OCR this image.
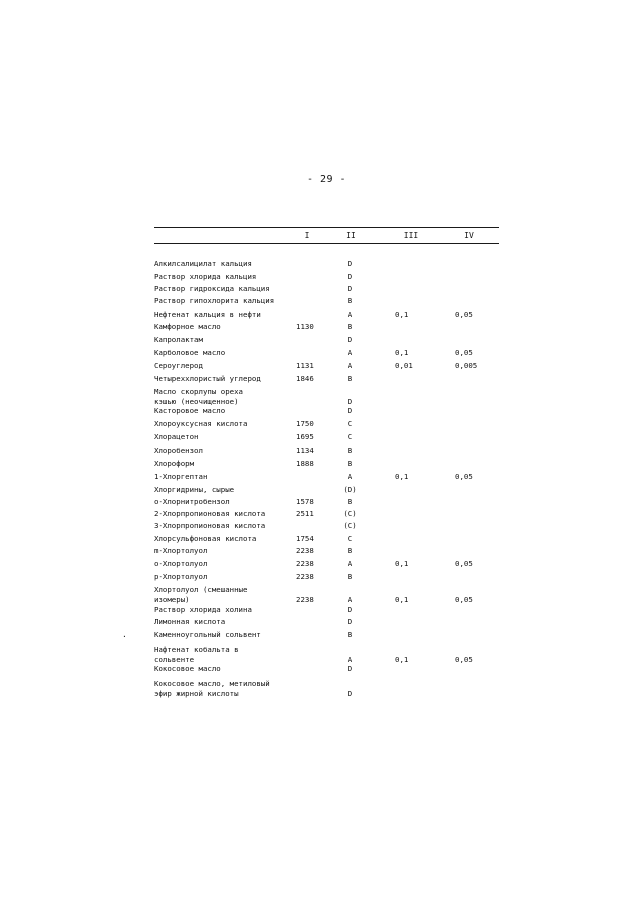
- 29 -
I	II	III	IV
Алкилсалицилат кальция	D
Раствор хлорида кальция	D
Раствор гидроксида кальция	D
Раствор гипохлорита кальция	B
Нефтенат кальция в нефти	A	0,1	0,05
Камфорное масло	1130	B
Капролактам	D
Карболовое масло	A	0,1	0,05
Сероуглерод	1131	A	0,01	0,005
Четыреххлористый углерод	1846	B
Масло скорлупы ореха
кэшью (неочищенное)	D
Касторовое масло	D
Хлороуксусная кислота	1750	C
Хлорацетон	1695	C
Хлоробензол	1134	B
Хлороформ	1888	B
1-Хлоргептан	A	0,1	0,05
Хлоргидрины, сырые	(D)
о-Хлорнитробензол	1578	B
2-Хлорпропионовая кислота	2511	(C)
3-Хлорпропионовая кислота	(C)
Хлорсульфоновая кислота	1754	C
m-Хлортолуол	2238	B
о-Хлортолуол	2238	A	0,1	0,05
р-Хлортолуол	2238	B
Хлортолуол (смешанные
изомеры)	2238	A	0,1	0,05
Раствор хлорида холина	D
Лимонная кислота	D
Каменноугольный сольвент	B
Нафтенат кобальта в
сольвенте	A	0,1	0,05
Кокосовое масло	D
Кокосовое масло, метиловый
эфир жирной кислоты	D
·
